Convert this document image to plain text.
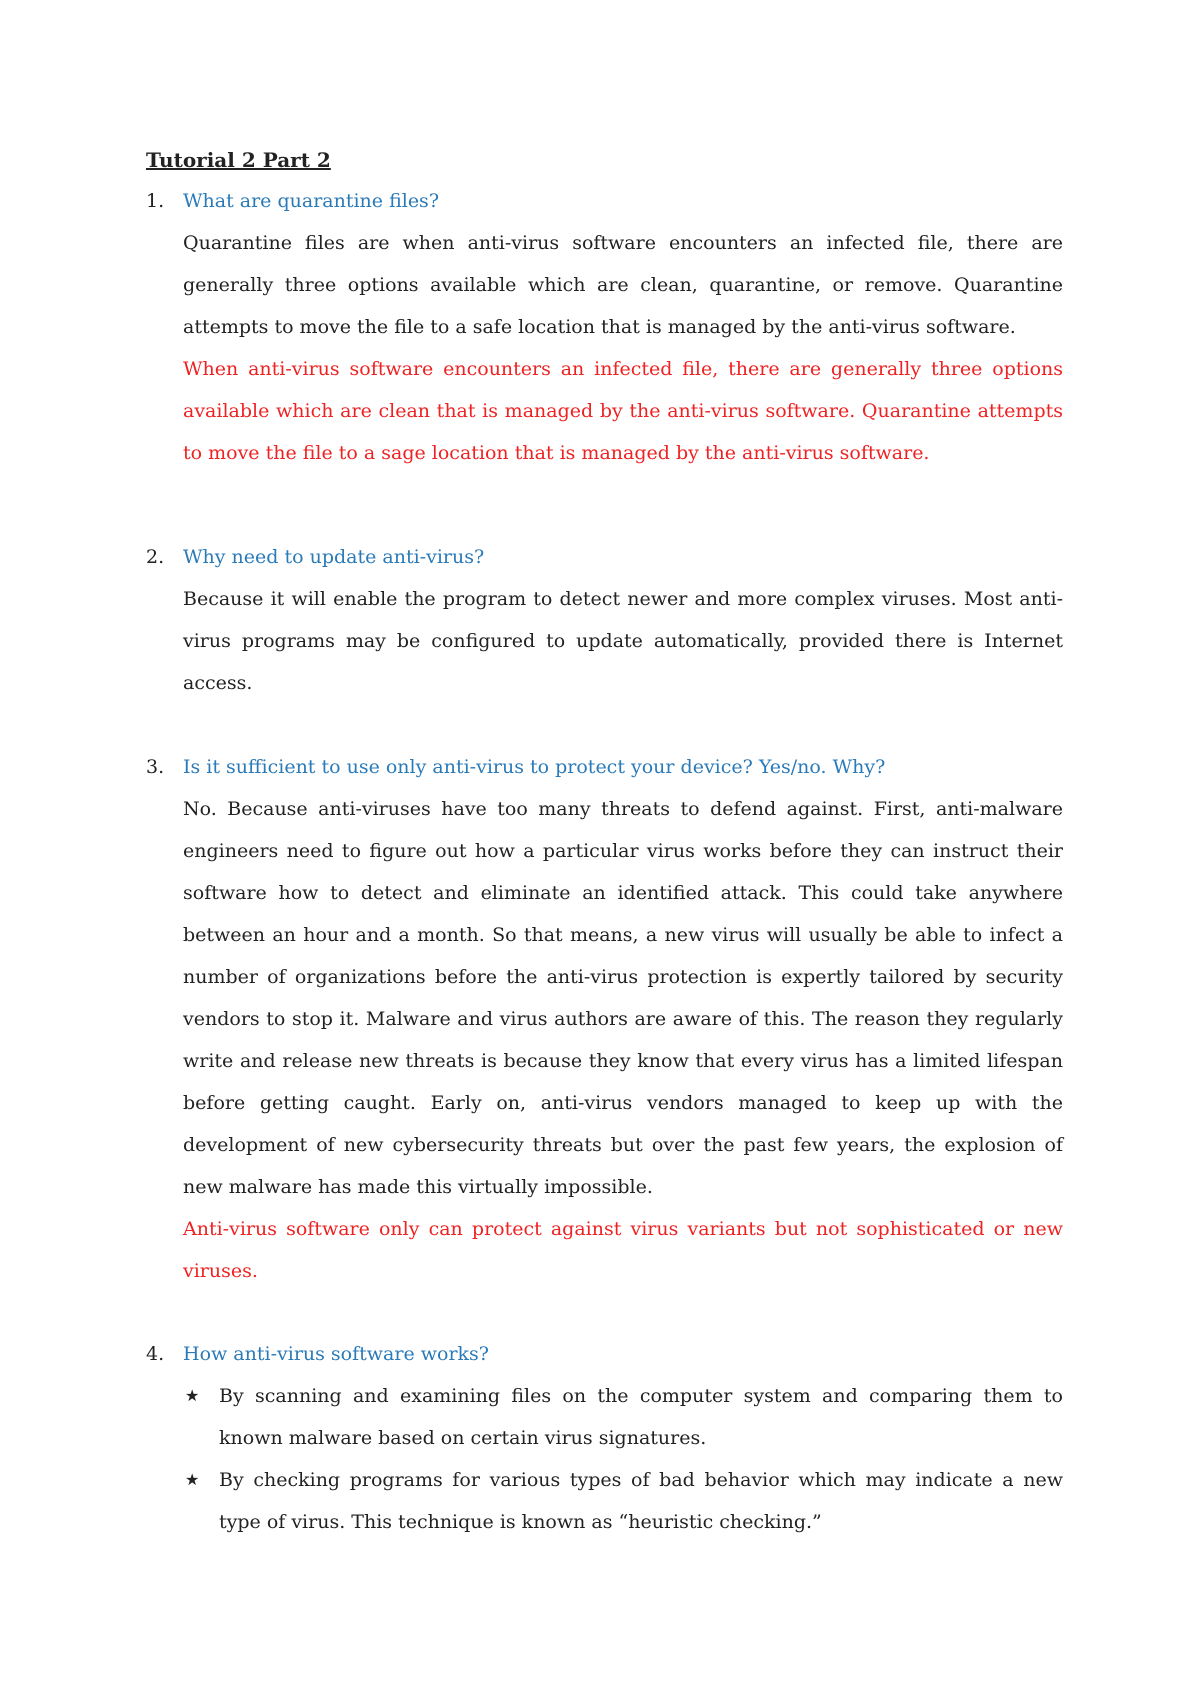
Tutorial 2 Part 2

1. What are quarantine files?

Quarantine files are when anti-virus software encounters an infected file, there are generally three options available which are clean, quarantine, or remove. Quarantine attempts to move the file to a safe location that is managed by the anti-virus software.

When anti-virus software encounters an infected file, there are generally three options available which are clean that is managed by the anti-virus software. Quarantine attempts to move the file to a sage location that is managed by the anti-virus software.

2. Why need to update anti-virus?

Because it will enable the program to detect newer and more complex viruses. Most anti-virus programs may be configured to update automatically, provided there is Internet access.

3. Is it sufficient to use only anti-virus to protect your device? Yes/no. Why?

No. Because anti-viruses have too many threats to defend against. First, anti-malware engineers need to figure out how a particular virus works before they can instruct their software how to detect and eliminate an identified attack. This could take anywhere between an hour and a month. So that means, a new virus will usually be able to infect a number of organizations before the anti-virus protection is expertly tailored by security vendors to stop it. Malware and virus authors are aware of this. The reason they regularly write and release new threats is because they know that every virus has a limited lifespan before getting caught. Early on, anti-virus vendors managed to keep up with the development of new cybersecurity threats but over the past few years, the explosion of new malware has made this virtually impossible.

Anti-virus software only can protect against virus variants but not sophisticated or new viruses.

4. How anti-virus software works?
★ By scanning and examining files on the computer system and comparing them to known malware based on certain virus signatures.
★ By checking programs for various types of bad behavior which may indicate a new type of virus. This technique is known as “heuristic checking.”
